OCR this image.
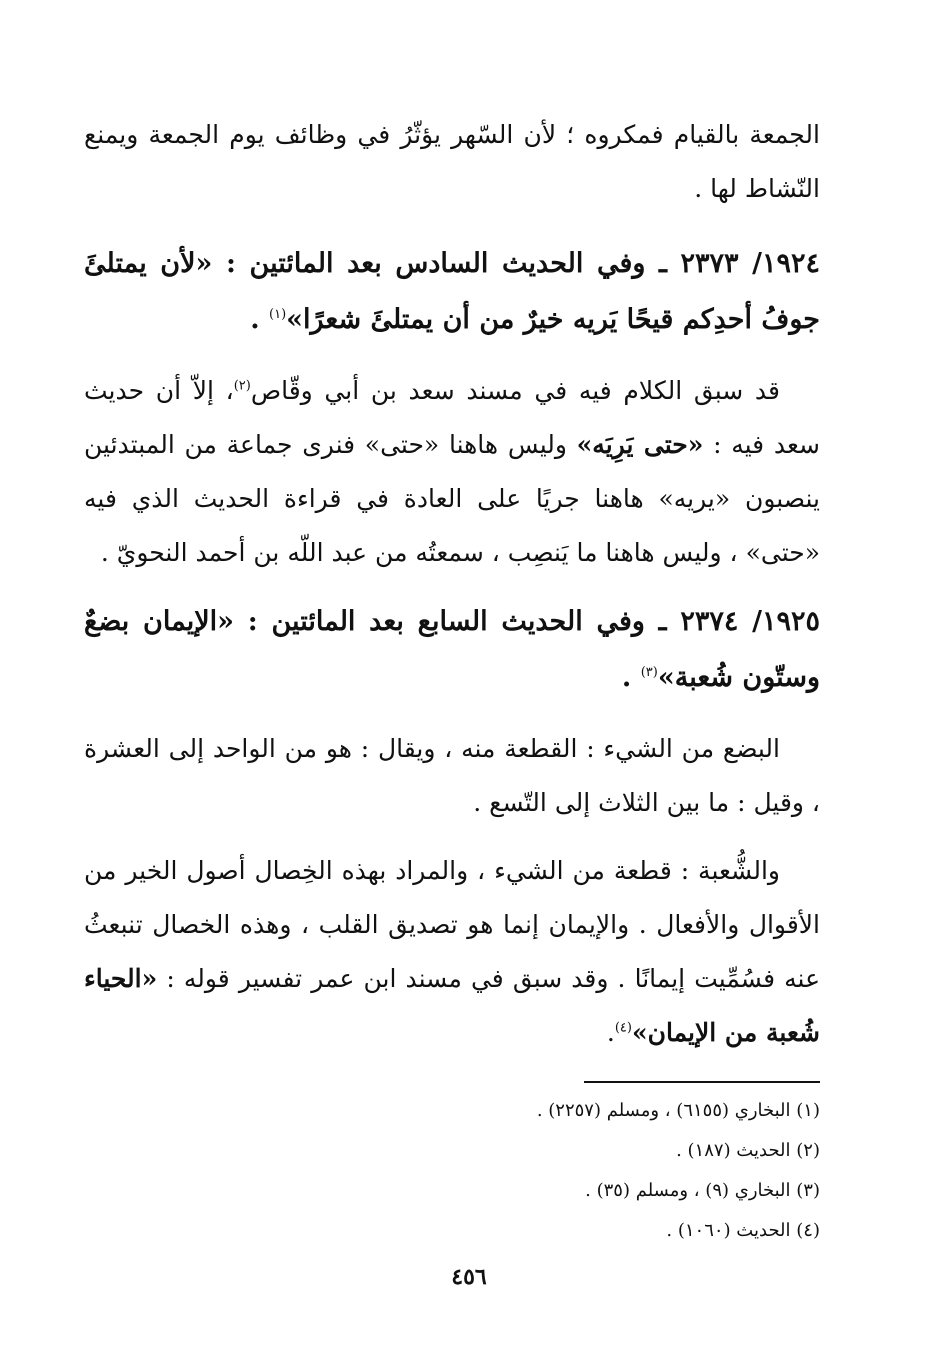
الجمعة بالقيام فمكروه ؛ لأن السّهر يؤثّرُ في وظائف يوم الجمعة ويمنع النّشاط لها .

١٩٢٤/ ٢٣٧٣ ـ وفي الحديث السادس بعد المائتين : «لأن يمتلئَ جوفُ أحدِكم قيحًا يَريه خيرٌ من أن يمتلئَ شعرًا»$^{(١)}$ .

قد سبق الكلام فيه في مسند سعد بن أبي وقّاص$^{(٢)}$، إلاّ أن حديث سعد فيه : «حتى يَرِيَه» وليس هاهنا «حتى» فنرى جماعة من المبتدئين ينصبون «يريه» هاهنا جريًا على العادة في قراءة الحديث الذي فيه «حتى» ، وليس هاهنا ما يَنصِب ، سمعتُه من عبد اللّه بن أحمد النحويّ .

١٩٢٥/ ٢٣٧٤ ـ وفي الحديث السابع بعد المائتين : «الإيمان بضعٌ وستّون شُعبة»$^{(٣)}$ .

البضع من الشيء : القطعة منه ، ويقال : هو من الواحد إلى العشرة ، وقيل : ما بين الثلاث إلى التّسع .

والشُّعبة : قطعة من الشيء ، والمراد بهذه الخِصال أصول الخير من الأقوال والأفعال . والإيمان إنما هو تصديق القلب ، وهذه الخصال تنبعثُ عنه فسُمِّيت إيمانًا . وقد سبق في مسند ابن عمر تفسير قوله : «الحياء شُعبة من الإيمان»$^{(٤)}$.

(١) البخاري (٦١٥٥) ، ومسلم (٢٢٥٧) .

(٢) الحديث (١٨٧) .

(٣) البخاري (٩) ، ومسلم (٣٥) .

(٤) الحديث (١٠٦٠) .

٤٥٦
